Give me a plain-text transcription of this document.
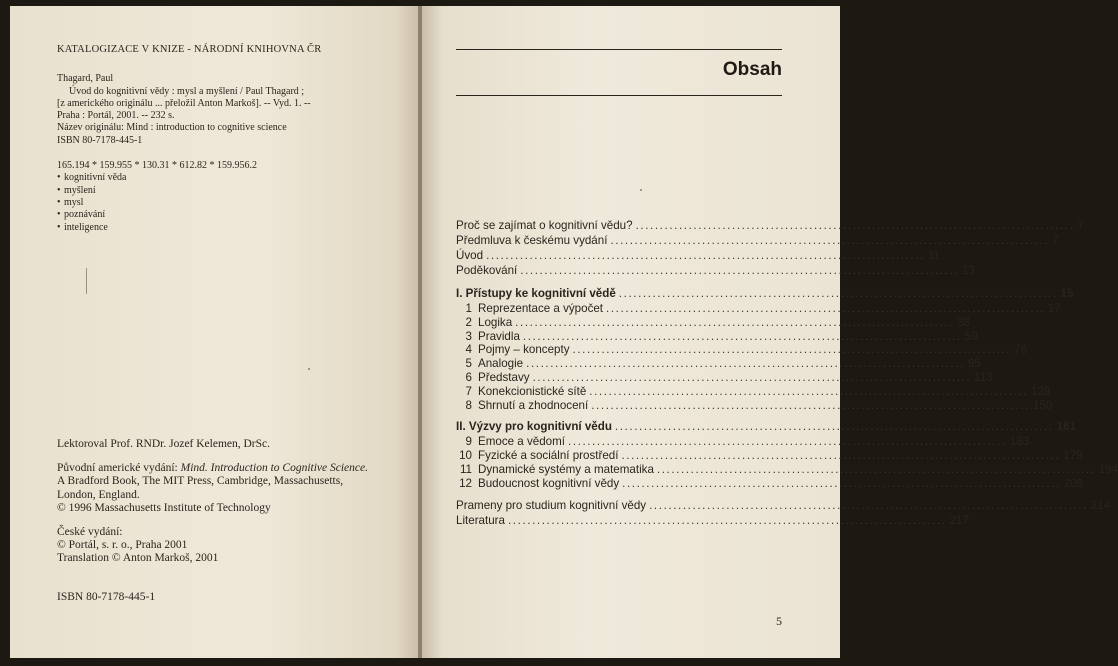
KATALOGIZACE V KNIZE - NÁRODNÍ KNIHOVNA ČR
Thagard, Paul
Úvod do kognitivní vědy : mysl a myšlení / Paul Thagard ;
[z amerického originálu ... přeložil Anton Markoš]. -- Vyd. 1. --
Praha : Portál, 2001. -- 232 s.
Název originálu: Mind : introduction to cognitive science
ISBN 80-7178-445-1
165.194 * 159.955 * 130.31 * 612.82 * 159.956.2
• kognitivní věda
• myšlení
• mysl
• poznávání
• inteligence
Lektoroval Prof. RNDr. Jozef Kelemen, DrSc.
Původní americké vydání: Mind. Introduction to Cognitive Science.
A Bradford Book, The MIT Press, Cambridge, Massachusetts,
London, England.
© 1996 Massachusetts Institute of Technology
České vydání:
© Portál, s. r. o., Praha 2001
Translation © Anton Markoš, 2001
ISBN 80-7178-445-1
Obsah
Proč se zajímat o kognitivní vědu? ........................................................................................... 7
Předmluva k českému vydání ........................................................................................... 7
Úvod ........................................................................................... 11
Poděkování ........................................................................................... 13
I. Přístupy ke kognitivní vědě ........................................................................................... 15
1 Reprezentace a výpočet ........................................................................................... 17
2 Logika ........................................................................................... 38
3 Pravidla ........................................................................................... 59
4 Pojmy – koncepty ........................................................................................... 76
5 Analogie ........................................................................................... 95
6 Představy ........................................................................................... 113
7 Konekcionistické sítě ........................................................................................... 128
8 Shrnutí a zhodnocení ........................................................................................... 150
II. Výzvy pro kognitivní vědu ........................................................................................... 161
9 Emoce a vědomí ........................................................................................... 163
10 Fyzické a sociální prostředí ........................................................................................... 179
11 Dynamické systémy a matematika ........................................................................................... 194
12 Budoucnost kognitivní vědy ........................................................................................... 209
Prameny pro studium kognitivní vědy ........................................................................................... 214
Literatura ........................................................................................... 217
5
